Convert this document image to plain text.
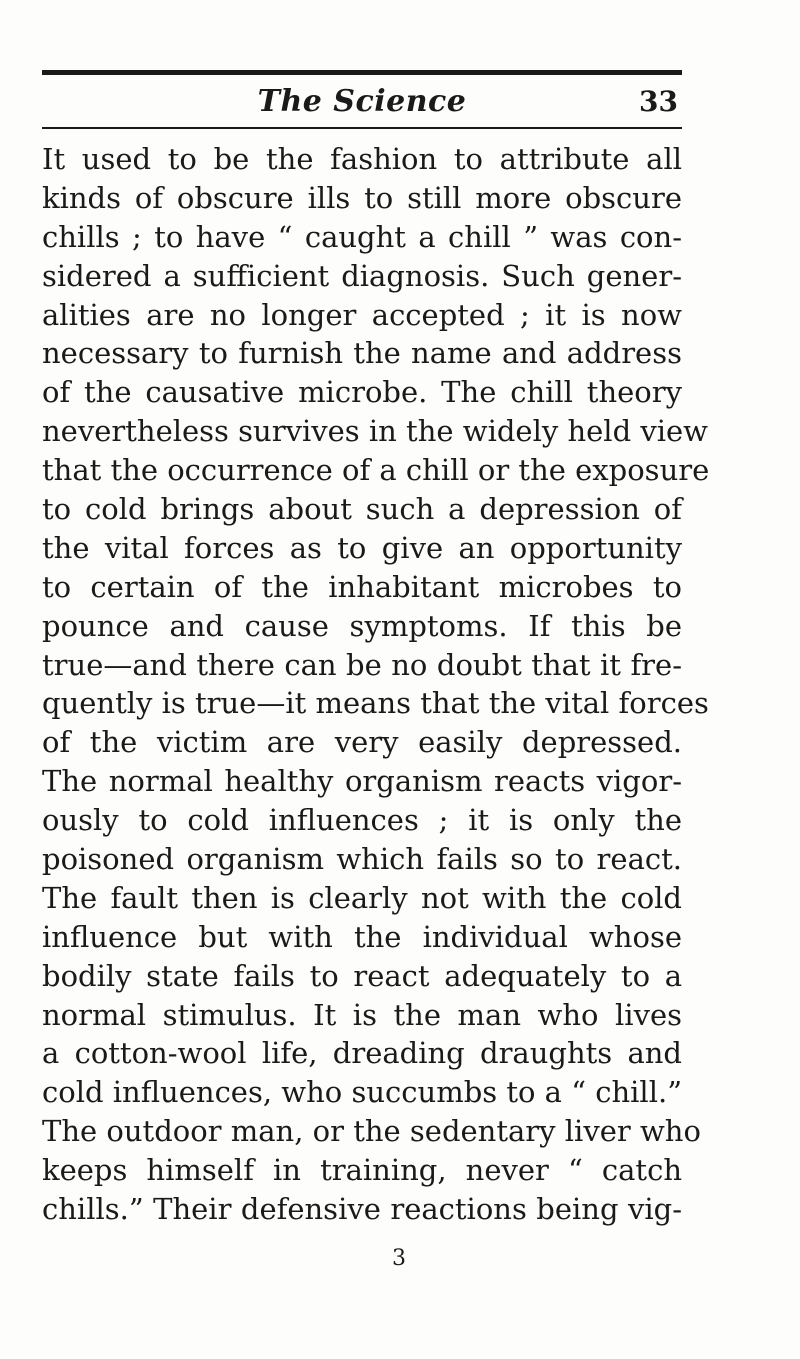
The Science	33
It used to be the fashion to attribute all
kinds of obscure ills to still more obscure
chills ; to have “ caught a chill ” was con-
sidered a sufficient diagnosis. Such gener-
alities are no longer accepted ; it is now
necessary to furnish the name and address
of the causative microbe. The chill theory
nevertheless survives in the widely held view
that the occurrence of a chill or the exposure
to cold brings about such a depression of
the vital forces as to give an opportunity
to certain of the inhabitant microbes to
pounce and cause symptoms. If this be
true—and there can be no doubt that it fre-
quently is true—it means that the vital forces
of the victim are very easily depressed.
The normal healthy organism reacts vigor-
ously to cold influences ; it is only the
poisoned organism which fails so to react.
The fault then is clearly not with the cold
influence but with the individual whose
bodily state fails to react adequately to a
normal stimulus. It is the man who lives
a cotton-wool life, dreading draughts and
cold influences, who succumbs to a “ chill.”
The outdoor man, or the sedentary liver who
keeps himself in training, never “ catch
chills.” Their defensive reactions being vig-
3
